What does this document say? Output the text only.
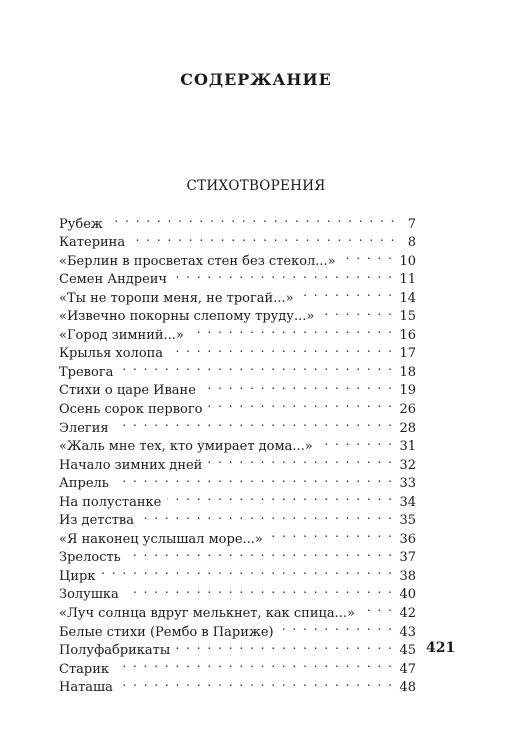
СОДЕРЖАНИЕ
СТИХОТВОРЕНИЯ
Рубеж . . .	7
Катерина . . .	8
«Берлин в просветах стен без стекол...» . . .	10
Семен Андреич . . .	11
«Ты не торопи меня, не трогай...» . . .	14
«Извечно покорны слепому труду...» . . .	15
«Город зимний...» . . .	16
Крылья холопа . . .	17
Тревога . . .	18
Стихи о царе Иване . . .	19
Осень сорок первого . . .	26
Элегия . . .	28
«Жаль мне тех, кто умирает дома...» . . .	31
Начало зимних дней . . .	32
Апрель . . .	33
На полустанке . . .	34
Из детства . . .	35
«Я наконец услышал море...» . . .	36
Зрелость . . .	37
Цирк . . .	38
Золушка . . .	40
«Луч солнца вдруг мелькнет, как спица...» . . .	42
Белые стихи (Рембо в Париже) . . .	43
Полуфабрикаты . . .	45
Старик . . .	47
Наташа . . .	48
421
